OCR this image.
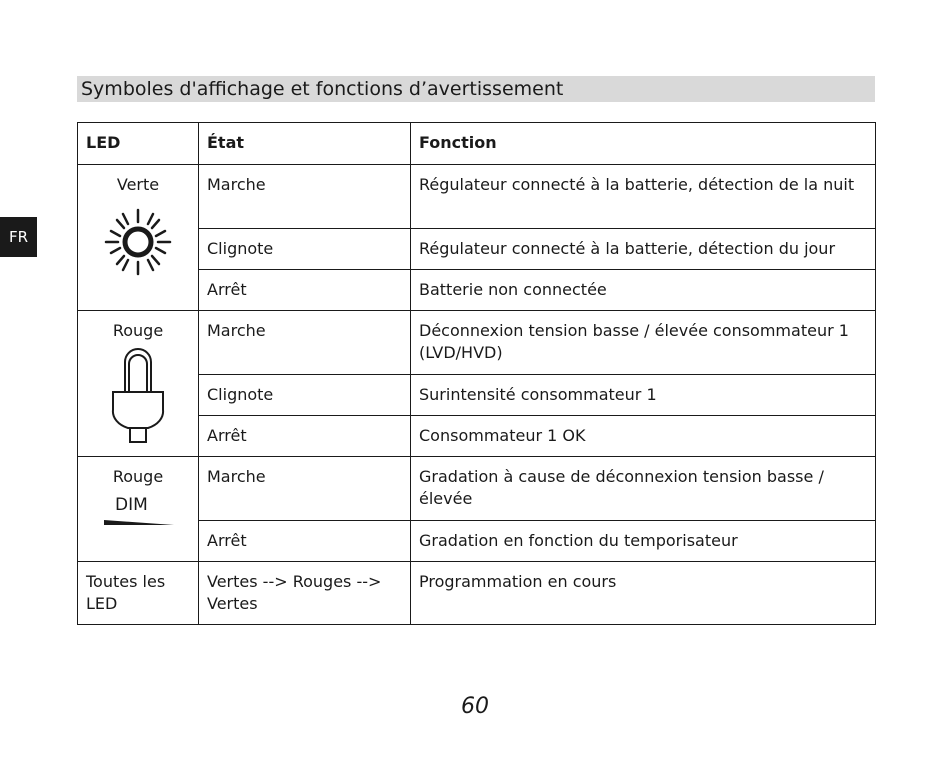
FR
Symboles d'affichage et fonctions d’avertissement
LED	État	Fonction

Verte	Marche	Régulateur connecté à la batterie, détection de la nuit
	Clignote	Régulateur connecté à la batterie, détection du jour
	Arrêt	Batterie non connectée

Rouge	Marche	Déconnexion tension basse / élevée consommateur 1 (LVD/HVD)
	Clignote	Surintensité consommateur 1
	Arrêt	Consommateur 1 OK

Rouge
DIM	Marche	Gradation à cause de déconnexion tension basse / élevée
	Arrêt	Gradation en fonction du temporisateur
Toutes les LED	Vertes --> Rouges --> Vertes	Programmation en cours
60
